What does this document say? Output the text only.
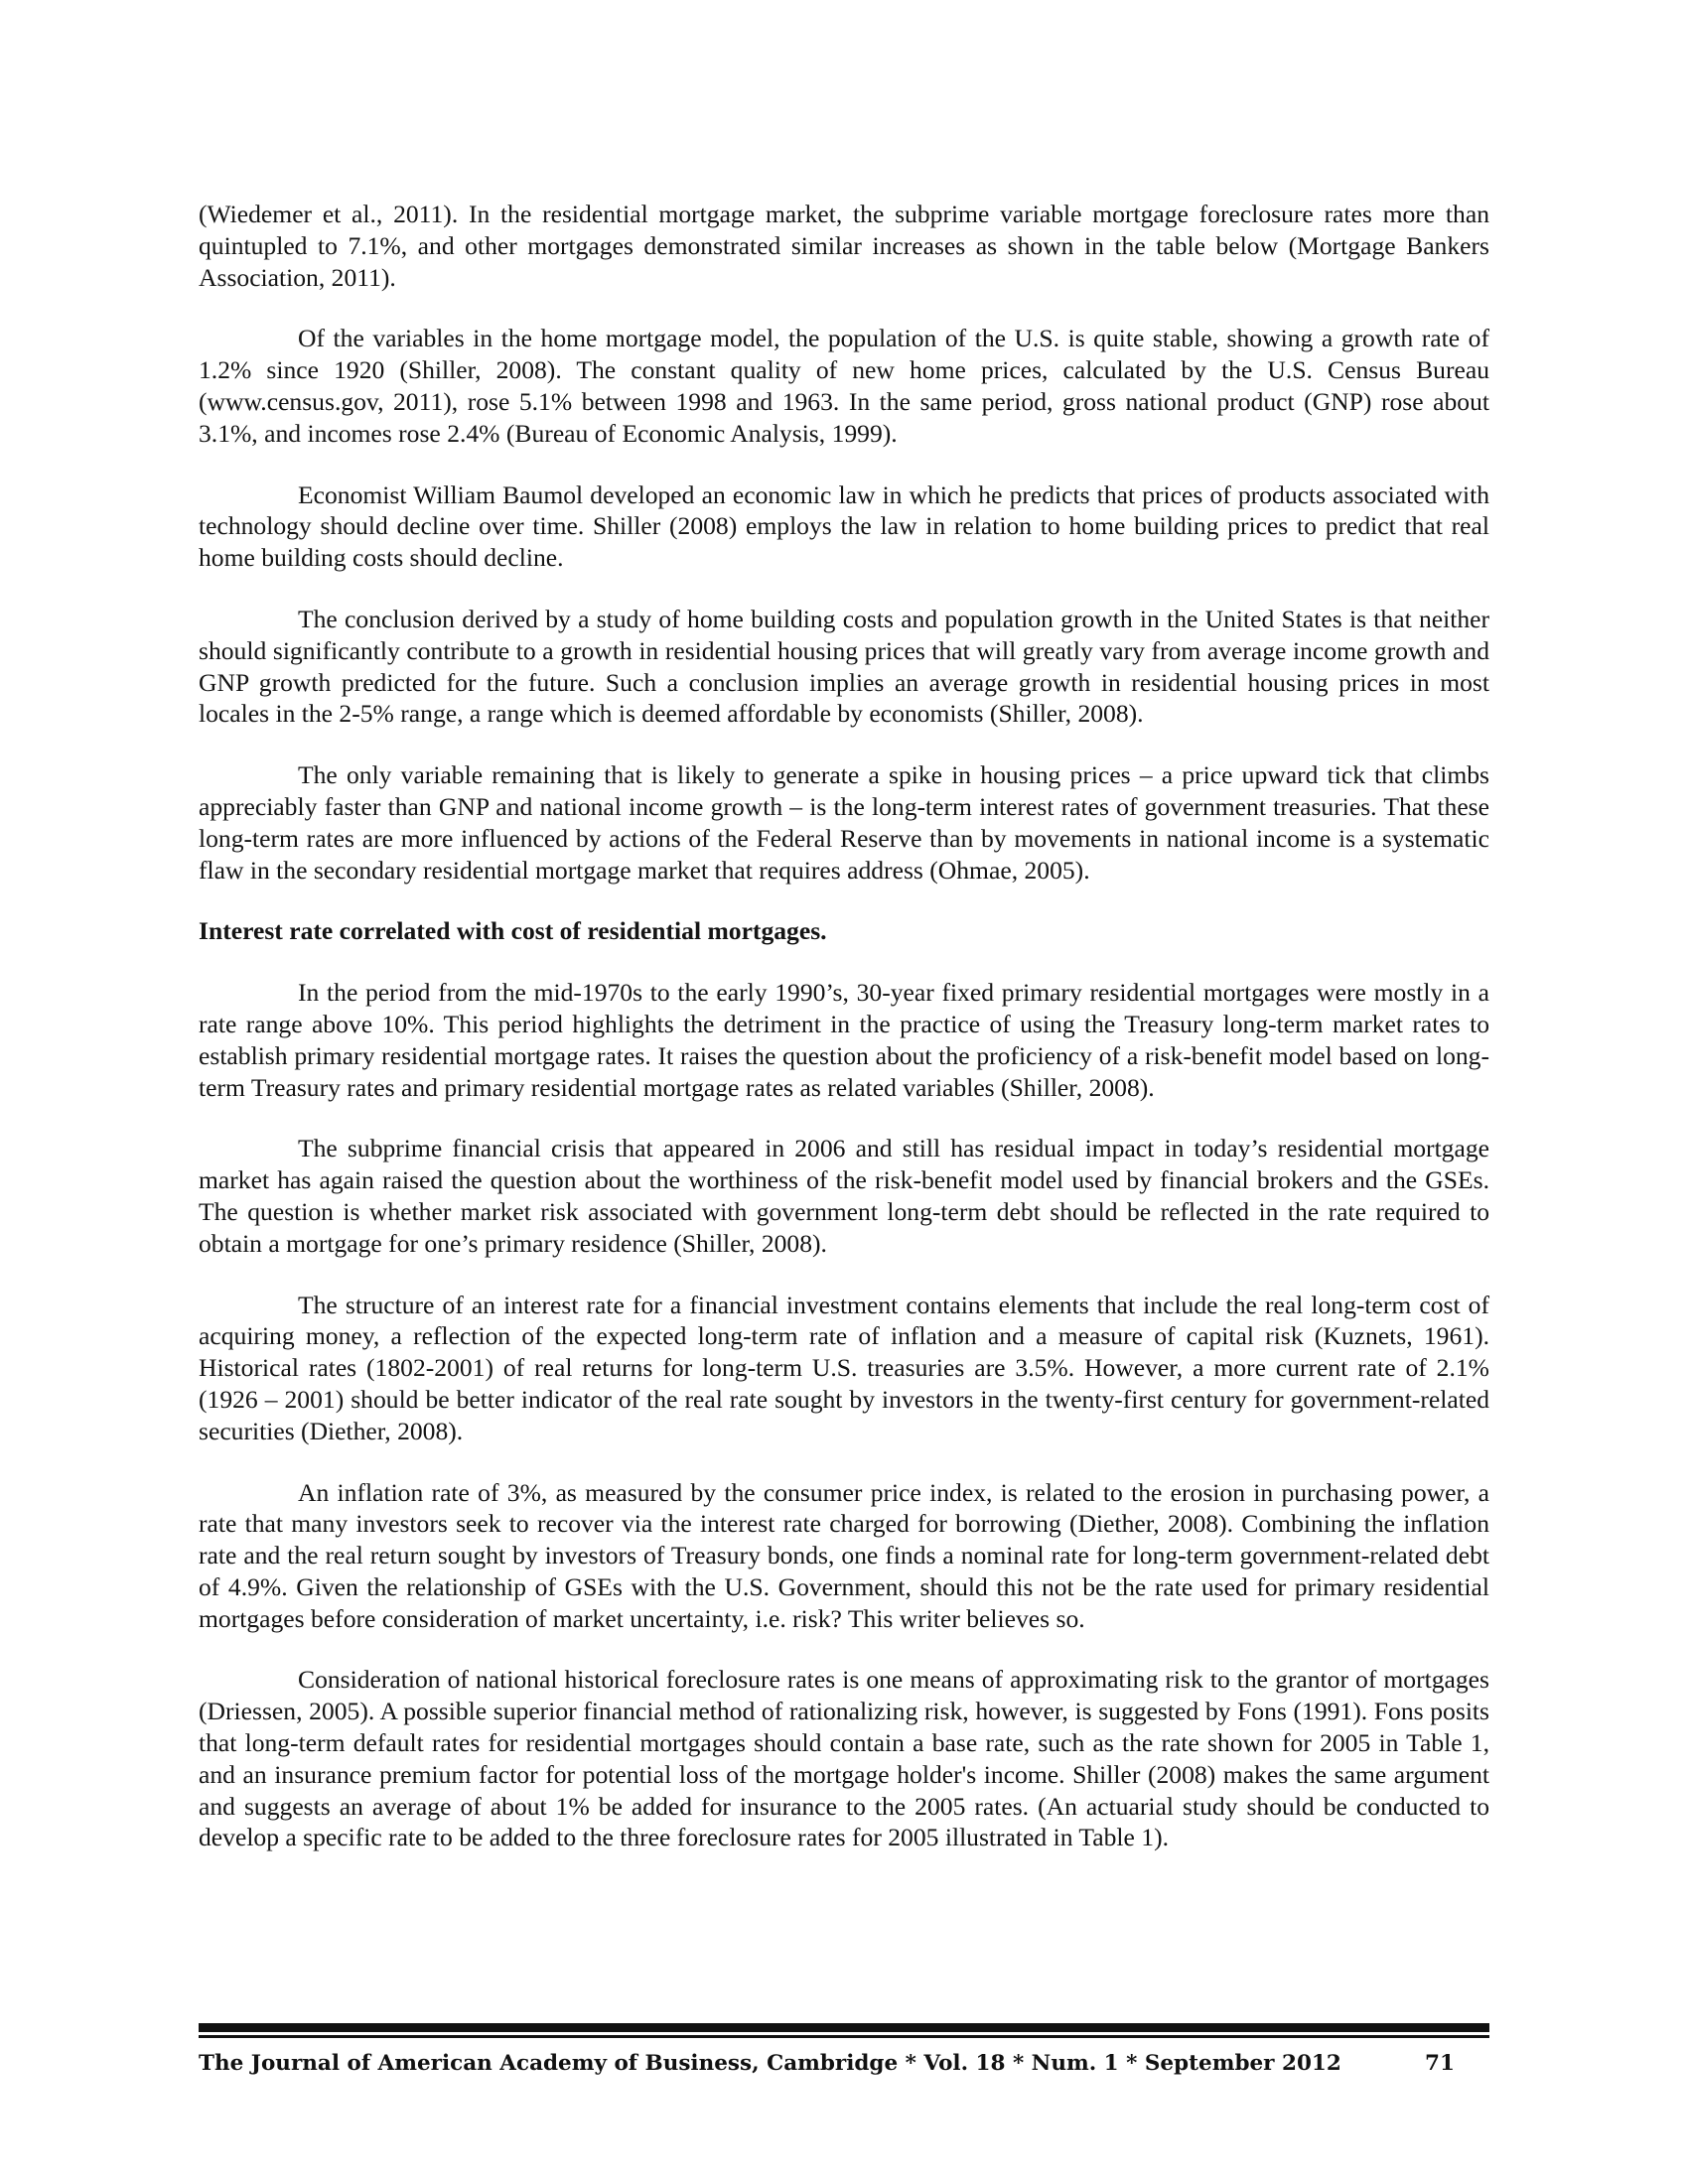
(Wiedemer et al., 2011). In the residential mortgage market, the subprime variable mortgage foreclosure rates more than quintupled to 7.1%, and other mortgages demonstrated similar increases as shown in the table below (Mortgage Bankers Association, 2011).

Of the variables in the home mortgage model, the population of the U.S. is quite stable, showing a growth rate of 1.2% since 1920 (Shiller, 2008). The constant quality of new home prices, calculated by the U.S. Census Bureau (www.census.gov, 2011), rose 5.1% between 1998 and 1963. In the same period, gross national product (GNP) rose about 3.1%, and incomes rose 2.4% (Bureau of Economic Analysis, 1999).

Economist William Baumol developed an economic law in which he predicts that prices of products associated with technology should decline over time. Shiller (2008) employs the law in relation to home building prices to predict that real home building costs should decline.

The conclusion derived by a study of home building costs and population growth in the United States is that neither should significantly contribute to a growth in residential housing prices that will greatly vary from average income growth and GNP growth predicted for the future. Such a conclusion implies an average growth in residential housing prices in most locales in the 2-5% range, a range which is deemed affordable by economists (Shiller, 2008).

The only variable remaining that is likely to generate a spike in housing prices – a price upward tick that climbs appreciably faster than GNP and national income growth – is the long-term interest rates of government treasuries. That these long-term rates are more influenced by actions of the Federal Reserve than by movements in national income is a systematic flaw in the secondary residential mortgage market that requires address (Ohmae, 2005).

Interest rate correlated with cost of residential mortgages.

In the period from the mid-1970s to the early 1990’s, 30-year fixed primary residential mortgages were mostly in a rate range above 10%. This period highlights the detriment in the practice of using the Treasury long-term market rates to establish primary residential mortgage rates. It raises the question about the proficiency of a risk-benefit model based on long-term Treasury rates and primary residential mortgage rates as related variables (Shiller, 2008).

The subprime financial crisis that appeared in 2006 and still has residual impact in today’s residential mortgage market has again raised the question about the worthiness of the risk-benefit model used by financial brokers and the GSEs. The question is whether market risk associated with government long-term debt should be reflected in the rate required to obtain a mortgage for one’s primary residence (Shiller, 2008).

The structure of an interest rate for a financial investment contains elements that include the real long-term cost of acquiring money, a reflection of the expected long-term rate of inflation and a measure of capital risk (Kuznets, 1961). Historical rates (1802-2001) of real returns for long-term U.S. treasuries are 3.5%. However, a more current rate of 2.1% (1926 – 2001) should be better indicator of the real rate sought by investors in the twenty-first century for government-related securities (Diether, 2008).

An inflation rate of 3%, as measured by the consumer price index, is related to the erosion in purchasing power, a rate that many investors seek to recover via the interest rate charged for borrowing (Diether, 2008). Combining the inflation rate and the real return sought by investors of Treasury bonds, one finds a nominal rate for long-term government-related debt of 4.9%. Given the relationship of GSEs with the U.S. Government, should this not be the rate used for primary residential mortgages before consideration of market uncertainty, i.e. risk? This writer believes so.

Consideration of national historical foreclosure rates is one means of approximating risk to the grantor of mortgages (Driessen, 2005). A possible superior financial method of rationalizing risk, however, is suggested by Fons (1991). Fons posits that long-term default rates for residential mortgages should contain a base rate, such as the rate shown for 2005 in Table 1, and an insurance premium factor for potential loss of the mortgage holder's income. Shiller (2008) makes the same argument and suggests an average of about 1% be added for insurance to the 2005 rates. (An actuarial study should be conducted to develop a specific rate to be added to the three foreclosure rates for 2005 illustrated in Table 1).

The Journal of American Academy of Business, Cambridge * Vol. 18 * Num. 1 * September 2012	71
